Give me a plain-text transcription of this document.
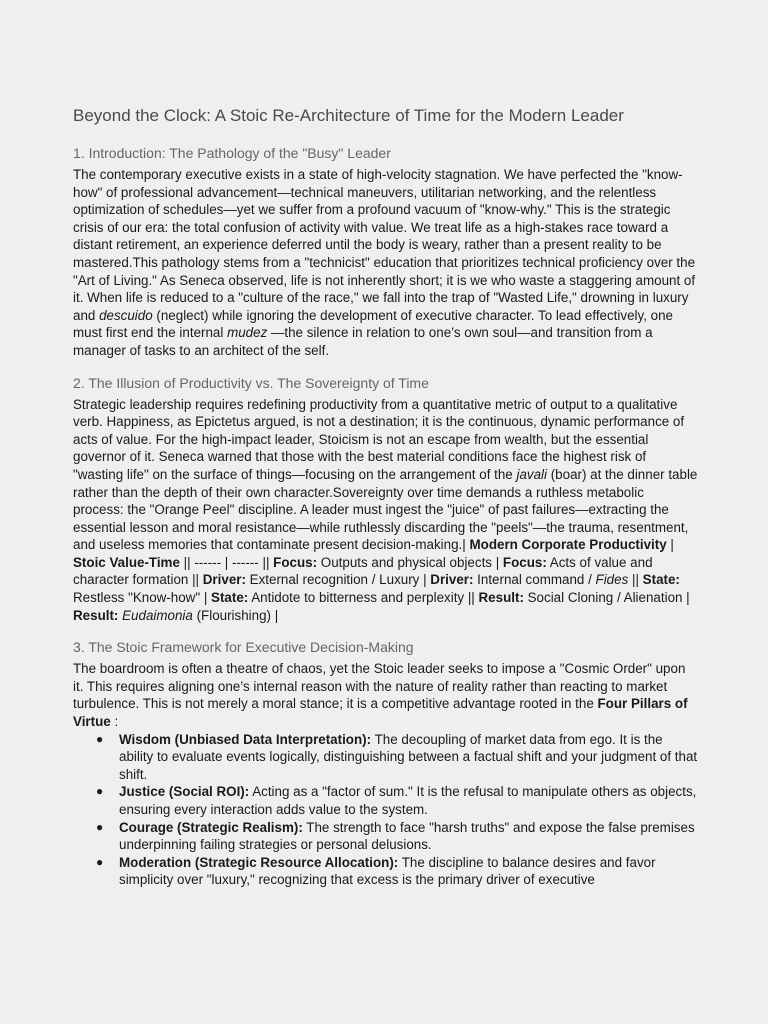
Beyond the Clock: A Stoic Re-Architecture of Time for the Modern Leader
1. Introduction: The Pathology of the "Busy" Leader

The contemporary executive exists in a state of high-velocity stagnation. We have perfected the "know-how" of professional advancement—technical maneuvers, utilitarian networking, and the relentless optimization of schedules—yet we suffer from a profound vacuum of "know-why." This is the strategic crisis of our era: the total confusion of activity with value. We treat life as a high-stakes race toward a distant retirement, an experience deferred until the body is weary, rather than a present reality to be mastered.This pathology stems from a "technicist" education that prioritizes technical proficiency over the "Art of Living." As Seneca observed, life is not inherently short; it is we who waste a staggering amount of it. When life is reduced to a "culture of the race," we fall into the trap of "Wasted Life," drowning in luxury and descuido (neglect) while ignoring the development of executive character. To lead effectively, one must first end the internal mudez —the silence in relation to one’s own soul—and transition from a manager of tasks to an architect of the self.

2. The Illusion of Productivity vs. The Sovereignty of Time

Strategic leadership requires redefining productivity from a quantitative metric of output to a qualitative verb. Happiness, as Epictetus argued, is not a destination; it is the continuous, dynamic performance of acts of value. For the high-impact leader, Stoicism is not an escape from wealth, but the essential governor of it. Seneca warned that those with the best material conditions face the highest risk of "wasting life" on the surface of things—focusing on the arrangement of the javali (boar) at the dinner table rather than the depth of their own character.Sovereignty over time demands a ruthless metabolic process: the "Orange Peel" discipline. A leader must ingest the "juice" of past failures—extracting the essential lesson and moral resistance—while ruthlessly discarding the "peels"—the trauma, resentment, and useless memories that contaminate present decision-making.| Modern Corporate Productivity | Stoic Value-Time || ------ | ------ || Focus: Outputs and physical objects | Focus: Acts of value and character formation || Driver: External recognition / Luxury | Driver: Internal command / Fides || State: Restless "Know-how" | State: Antidote to bitterness and perplexity || Result: Social Cloning / Alienation | Result: Eudaimonia (Flourishing) |

3. The Stoic Framework for Executive Decision-Making

The boardroom is often a theatre of chaos, yet the Stoic leader seeks to impose a "Cosmic Order" upon it. This requires aligning one’s internal reason with the nature of reality rather than reacting to market turbulence. This is not merely a moral stance; it is a competitive advantage rooted in the Four Pillars of Virtue :

● Wisdom (Unbiased Data Interpretation): The decoupling of market data from ego. It is the ability to evaluate events logically, distinguishing between a factual shift and your judgment of that shift.
● Justice (Social ROI): Acting as a "factor of sum." It is the refusal to manipulate others as objects, ensuring every interaction adds value to the system.
● Courage (Strategic Realism): The strength to face "harsh truths" and expose the false premises underpinning failing strategies or personal delusions.
● Moderation (Strategic Resource Allocation): The discipline to balance desires and favor simplicity over "luxury," recognizing that excess is the primary driver of executive
